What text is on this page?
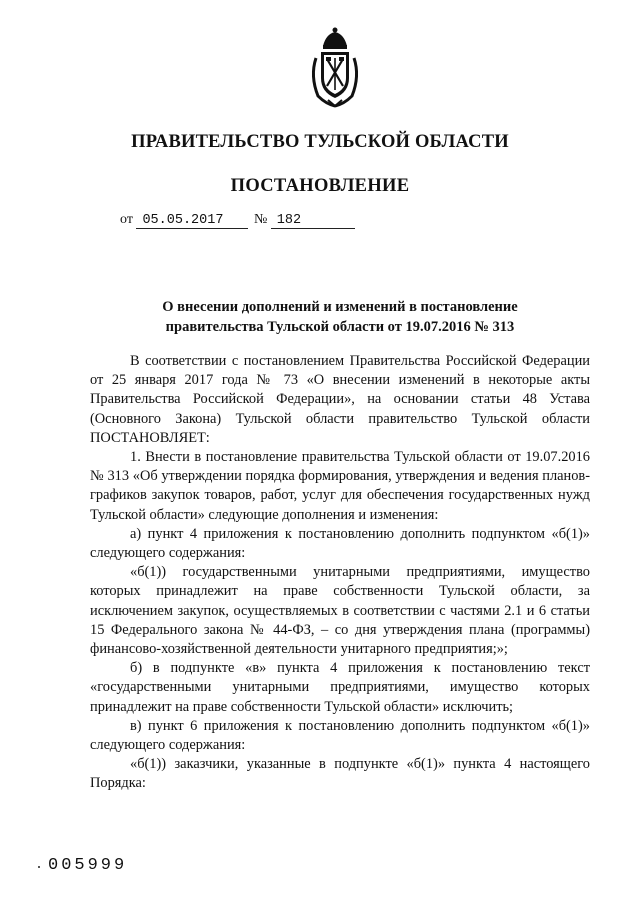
ПРАВИТЕЛЬСТВО ТУЛЬСКОЙ ОБЛАСТИ
ПОСТАНОВЛЕНИЕ
от 05.05.2017 № 182
О внесении дополнений и изменений в постановление
правительства Тульской области от 19.07.2016 № 313

В соответствии с постановлением Правительства Российской Федерации от 25 января 2017 года № 73 «О внесении изменений в некоторые акты Правительства Российской Федерации», на основании статьи 48 Устава (Основного Закона) Тульской области правительство Тульской области ПОСТАНОВЛЯЕТ:

1. Внести в постановление правительства Тульской области от 19.07.2016 № 313 «Об утверждении порядка формирования, утверждения и ведения планов-графиков закупок товаров, работ, услуг для обеспечения государственных нужд Тульской области» следующие дополнения и изменения:

а) пункт 4 приложения к постановлению дополнить подпунктом «б(1)» следующего содержания:

«б(1)) государственными унитарными предприятиями, имущество которых принадлежит на праве собственности Тульской области, за исключением закупок, осуществляемых в соответствии с частями 2.1 и 6 статьи 15 Федерального закона № 44-ФЗ, – со дня утверждения плана (программы) финансово-хозяйственной деятельности унитарного предприятия;»;

б) в подпункте «в» пункта 4 приложения к постановлению текст «государственными унитарными предприятиями, имущество которых принадлежит на праве собственности Тульской области» исключить;

в) пункт 6 приложения к постановлению дополнить подпунктом «б(1)» следующего содержания:

«б(1)) заказчики, указанные в подпункте «б(1)» пункта 4 настоящего Порядка:

005999
